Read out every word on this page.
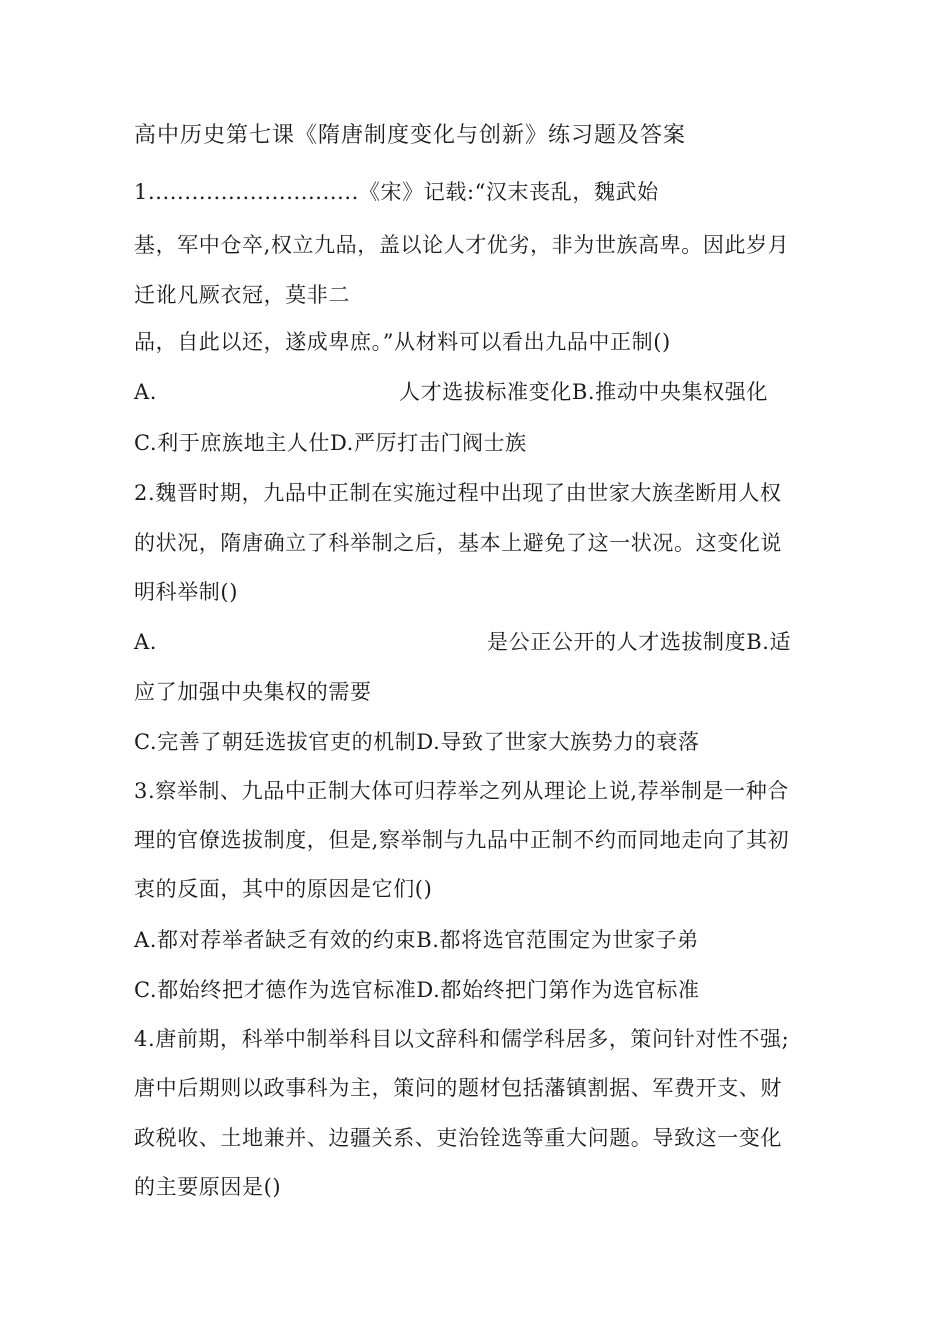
高中历史第七课《隋唐制度变化与创新》练习题及答案
1.............................《宋》记载:“汉末丧乱，魏武始
基，军中仓卒,权立九品，盖以论人才优劣，非为世族高卑。因此岁月
迁讹凡厥衣冠，莫非二
品，自此以还，遂成卑庶。”从材料可以看出九品中正制()
A.	人才选拔标准变化B.推动中央集权强化
C.利于庶族地主人仕D.严厉打击门阀士族
2.魏晋时期，九品中正制在实施过程中出现了由世家大族垄断用人权
的状况，隋唐确立了科举制之后，基本上避免了这一状况。这变化说
明科举制()
A.	是公正公开的人才选拔制度B.适
应了加强中央集权的需要
C.完善了朝廷选拔官吏的机制D.导致了世家大族势力的衰落
3.察举制、九品中正制大体可归荐举之列从理论上说,荐举制是一种合
理的官僚选拔制度，但是,察举制与九品中正制不约而同地走向了其初
衷的反面，其中的原因是它们()
A.都对荐举者缺乏有效的约束B.都将选官范围定为世家子弟
C.都始终把才德作为选官标准D.都始终把门第作为选官标准
4.唐前期，科举中制举科目以文辞科和儒学科居多，策问针对性不强;
唐中后期则以政事科为主，策问的题材包括藩镇割据、军费开支、财
政税收、土地兼并、边疆关系、吏治铨选等重大问题。导致这一变化
的主要原因是()
